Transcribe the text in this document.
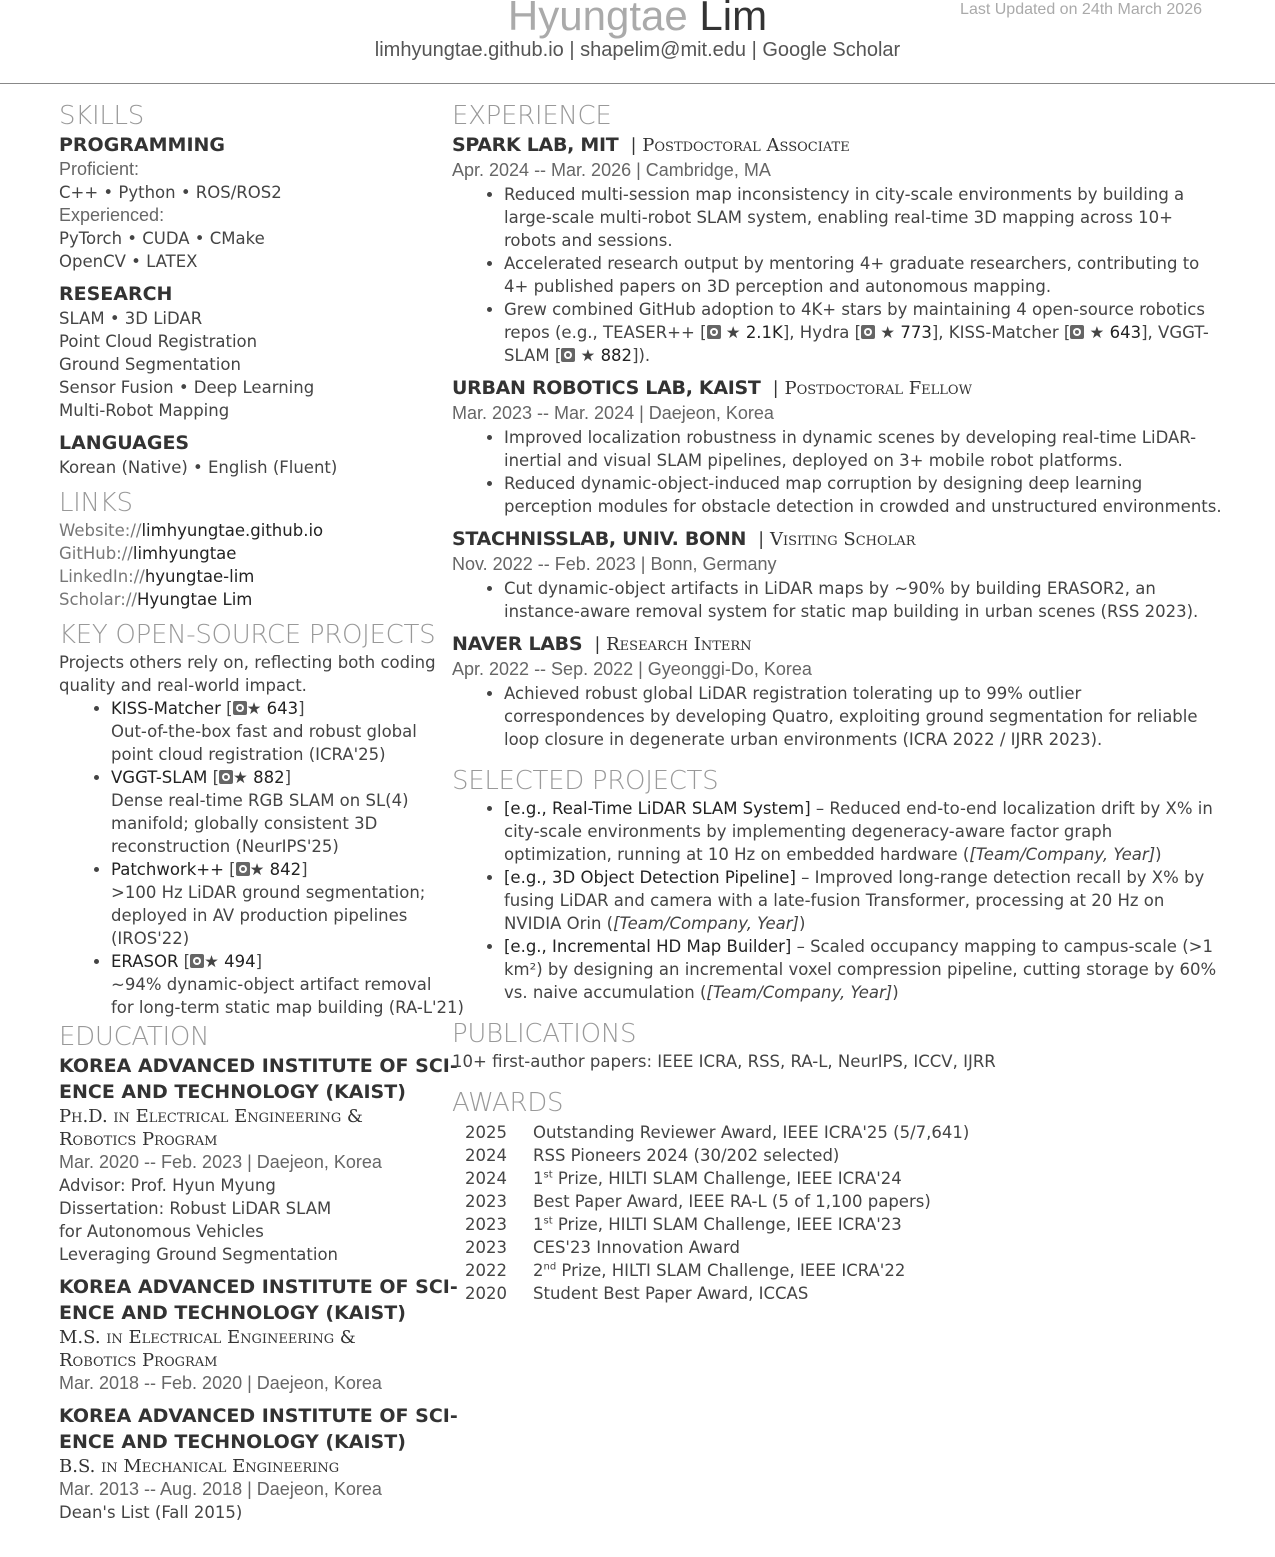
Hyungtae Lim	Last Updated on 24th March 2026
limhyungtae.github.io | shapelim@mit.edu | Google Scholar
SKILLS
PROGRAMMING
Proficient:
C++ • Python • ROS/ROS2
Experienced:
PyTorch • CUDA • CMake
OpenCV • LATEX
RESEARCH
SLAM • 3D LiDAR
Point Cloud Registration
Ground Segmentation
Sensor Fusion • Deep Learning
Multi-Robot Mapping
LANGUAGES
Korean (Native) • English (Fluent)
LINKS
Website://limhyungtae.github.io
GitHub://limhyungtae
LinkedIn://hyungtae-lim
Scholar://Hyungtae Lim
KEY OPEN-SOURCE PROJECTS
Projects others rely on, reflecting both coding
quality and real-world impact.
• KISS-Matcher [ ★ 643]
Out-of-the-box fast and robust global
point cloud registration (ICRA'25)
• VGGT-SLAM [ ★ 882]
Dense real-time RGB SLAM on SL(4)
manifold; globally consistent 3D
reconstruction (NeurIPS'25)
• Patchwork++ [ ★ 842]
>100 Hz LiDAR ground segmentation;
deployed in AV production pipelines
(IROS'22)
• ERASOR [ ★ 494]
~94% dynamic-object artifact removal
for long-term static map building (RA-L'21)
EDUCATION
KOREA ADVANCED INSTITUTE OF SCI-
ENCE AND TECHNOLOGY (KAIST)
Ph.D. in Electrical Engineering &
Robotics Program
Mar. 2020 -- Feb. 2023 | Daejeon, Korea
Advisor: Prof. Hyun Myung
Dissertation: Robust LiDAR SLAM
for Autonomous Vehicles
Leveraging Ground Segmentation
KOREA ADVANCED INSTITUTE OF SCI-
ENCE AND TECHNOLOGY (KAIST)
M.S. in Electrical Engineering &
Robotics Program
Mar. 2018 -- Feb. 2020 | Daejeon, Korea
KOREA ADVANCED INSTITUTE OF SCI-
ENCE AND TECHNOLOGY (KAIST)
B.S. in Mechanical Engineering
Mar. 2013 -- Aug. 2018 | Daejeon, Korea
Dean's List (Fall 2015)
EXPERIENCE
SPARK LAB, MIT | Postdoctoral Associate
Apr. 2024 -- Mar. 2026 | Cambridge, MA
• Reduced multi-session map inconsistency in city-scale environments by building a large-scale multi-robot SLAM system, enabling real-time 3D mapping across 10+ robots and sessions.
• Accelerated research output by mentoring 4+ graduate researchers, contributing to 4+ published papers on 3D perception and autonomous mapping.
• Grew combined GitHub adoption to 4K+ stars by maintaining 4 open-source robotics repos (e.g., TEASER++ [ ★ 2.1K], Hydra [ ★ 773], KISS-Matcher [ ★ 643], VGGT-SLAM [ ★ 882]).
URBAN ROBOTICS LAB, KAIST | Postdoctoral Fellow
Mar. 2023 -- Mar. 2024 | Daejeon, Korea
• Improved localization robustness in dynamic scenes by developing real-time LiDAR-inertial and visual SLAM pipelines, deployed on 3+ mobile robot platforms.
• Reduced dynamic-object-induced map corruption by designing deep learning perception modules for obstacle detection in crowded and unstructured environments.
STACHNISSLAB, UNIV. BONN | Visiting Scholar
Nov. 2022 -- Feb. 2023 | Bonn, Germany
• Cut dynamic-object artifacts in LiDAR maps by ~90% by building ERASOR2, an instance-aware removal system for static map building in urban scenes (RSS 2023).
NAVER LABS | Research Intern
Apr. 2022 -- Sep. 2022 | Gyeonggi-Do, Korea
• Achieved robust global LiDAR registration tolerating up to 99% outlier correspondences by developing Quatro, exploiting ground segmentation for reliable loop closure in degenerate urban environments (ICRA 2022 / IJRR 2023).
SELECTED PROJECTS
• [e.g., Real-Time LiDAR SLAM System] – Reduced end-to-end localization drift by X% in city-scale environments by implementing degeneracy-aware factor graph optimization, running at 10 Hz on embedded hardware ([Team/Company, Year])
• [e.g., 3D Object Detection Pipeline] – Improved long-range detection recall by X% by fusing LiDAR and camera with a late-fusion Transformer, processing at 20 Hz on NVIDIA Orin ([Team/Company, Year])
• [e.g., Incremental HD Map Builder] – Scaled occupancy mapping to campus-scale (>1 km²) by designing an incremental voxel compression pipeline, cutting storage by 60% vs. naive accumulation ([Team/Company, Year])
PUBLICATIONS
10+ first-author papers: IEEE ICRA, RSS, RA-L, NeurIPS, ICCV, IJRR
AWARDS
2025	Outstanding Reviewer Award, IEEE ICRA'25 (5/7,641)
2024	RSS Pioneers 2024 (30/202 selected)
2024	1st Prize, HILTI SLAM Challenge, IEEE ICRA'24
2023	Best Paper Award, IEEE RA-L (5 of 1,100 papers)
2023	1st Prize, HILTI SLAM Challenge, IEEE ICRA'23
2023	CES'23 Innovation Award
2022	2nd Prize, HILTI SLAM Challenge, IEEE ICRA'22
2020	Student Best Paper Award, ICCAS
